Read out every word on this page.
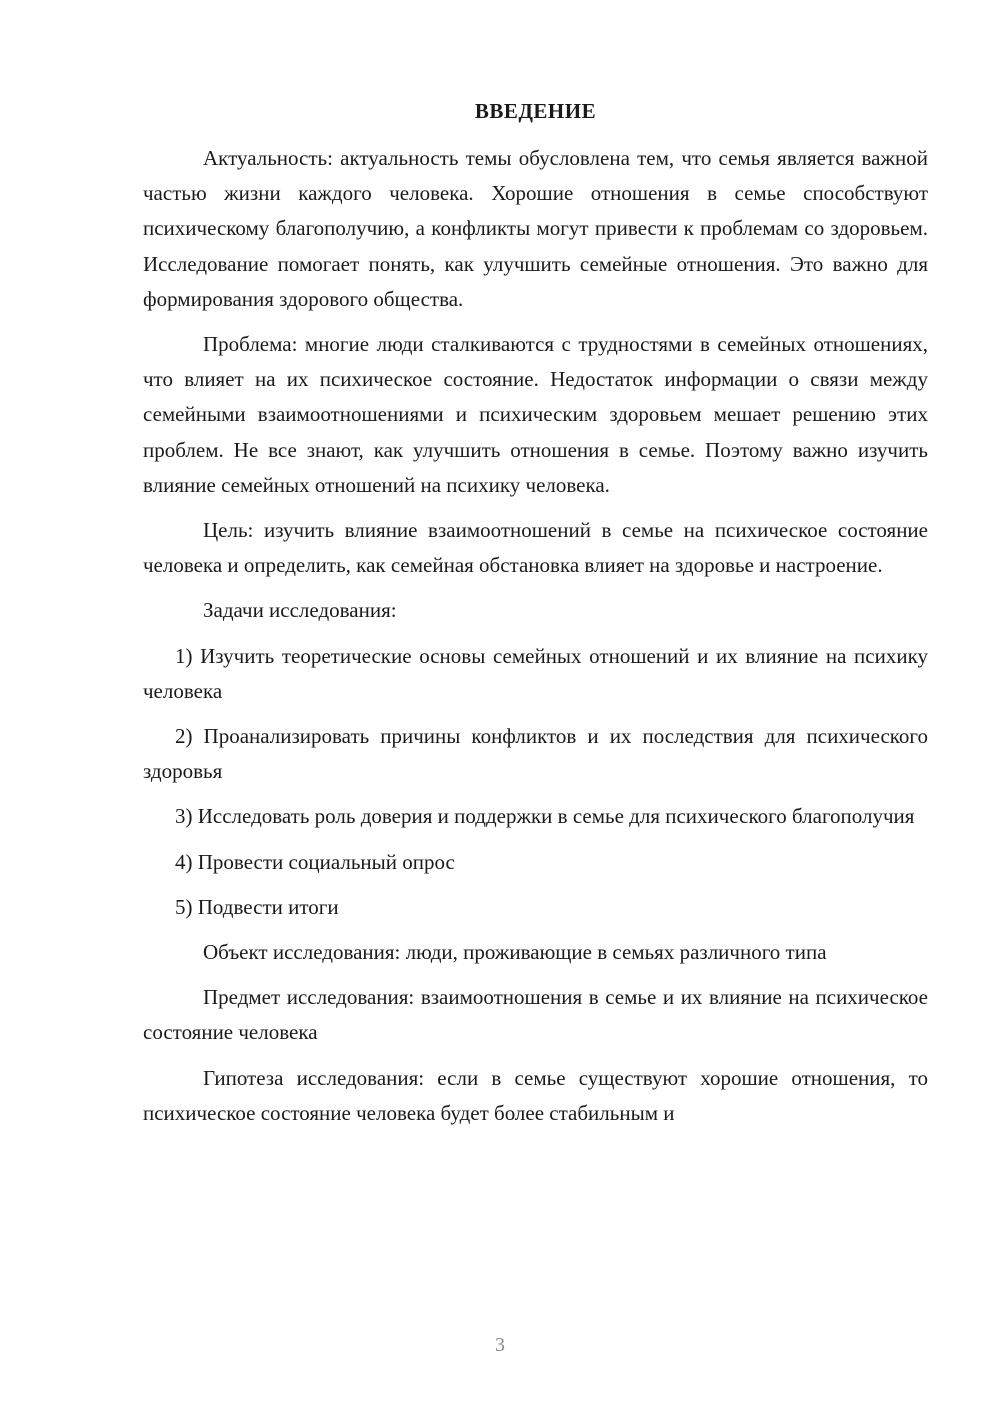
ВВЕДЕНИЕ

Актуальность: актуальность темы обусловлена тем, что семья является важной частью жизни каждого человека. Хорошие отношения в семье способствуют психическому благополучию, а конфликты могут привести к проблемам со здоровьем. Исследование помогает понять, как улучшить семейные отношения. Это важно для формирования здорового общества.

Проблема: многие люди сталкиваются с трудностями в семейных отношениях, что влияет на их психическое состояние. Недостаток информации о связи между семейными взаимоотношениями и психическим здоровьем мешает решению этих проблем. Не все знают, как улучшить отношения в семье. Поэтому важно изучить влияние семейных отношений на психику человека.

Цель: изучить влияние взаимоотношений в семье на психическое состояние человека и определить, как семейная обстановка влияет на здоровье и настроение.

Задачи исследования:

1) Изучить теоретические основы семейных отношений и их влияние на психику человека

2) Проанализировать причины конфликтов и их последствия для психического здоровья

3) Исследовать роль доверия и поддержки в семье для психического благополучия

4) Провести социальный опрос

5) Подвести итоги

Объект исследования: люди, проживающие в семьях различного типа

Предмет исследования: взаимоотношения в семье и их влияние на психическое состояние человека

Гипотеза исследования: если в семье существуют хорошие отношения, то психическое состояние человека будет более стабильным и

3
